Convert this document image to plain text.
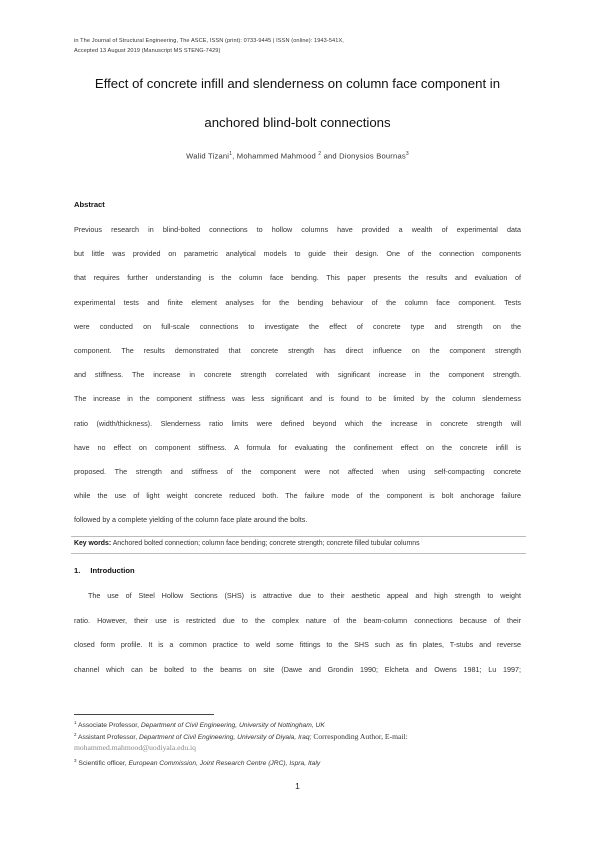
in The Journal of Structural Engineering, The ASCE, ISSN (print): 0733-9445 | ISSN (online): 1943-541X,
Accepted 13 August 2019 (Manuscript MS STENG-7429)
Effect of concrete infill and slenderness on column face component in
anchored blind-bolt connections
Walid Tizani$^1$, Mohammed Mahmood $^2$ and Dionysios Bournas$^3$
Abstract
Previous research in blind-bolted connections to hollow columns have provided a wealth of experimental data
but little was provided on parametric analytical models to guide their design. One of the connection components
that requires further understanding is the column face bending. This paper presents the results and evaluation of
experimental tests and finite element analyses for the bending behaviour of the column face component. Tests
were conducted on full-scale connections to investigate the effect of concrete type and strength on the
component. The results demonstrated that concrete strength has direct influence on the component strength
and stiffness. The increase in concrete strength correlated with significant increase in the component strength.
The increase in the component stiffness was less significant and is found to be limited by the column slenderness
ratio (width/thickness). Slenderness ratio limits were defined beyond which the increase in concrete strength will
have no effect on component stiffness. A formula for evaluating the confinement effect on the concrete infill is
proposed. The strength and stiffness of the component were not affected when using self-compacting concrete
while the use of light weight concrete reduced both. The failure mode of the component is bolt anchorage failure
followed by a complete yielding of the column face plate around the bolts.
Key words: Anchored bolted connection; column face bending; concrete strength; concrete filled tubular columns
1. Introduction
The use of Steel Hollow Sections (SHS) is attractive due to their aesthetic appeal and high strength to weight
ratio. However, their use is restricted due to the complex nature of the beam-column connections because of their
closed form profile. It is a common practice to weld some fittings to the SHS such as fin plates, T-stubs and reverse
channel which can be bolted to the beams on site (Dawe and Grondin 1990; Elcheta and Owens 1981; Lu 1997;
$^1$ Associate Professor, Department of Civil Engineering, University of Nottingham, UK
$^2$ Assistant Professor, Department of Civil Engineering, University of Diyala, Iraq; Corresponding Author, E-mail:
mohammed.mahmood@uodiyala.edu.iq
$^3$ Scientific officer, European Commission, Joint Research Centre (JRC), Ispra, Italy
1
